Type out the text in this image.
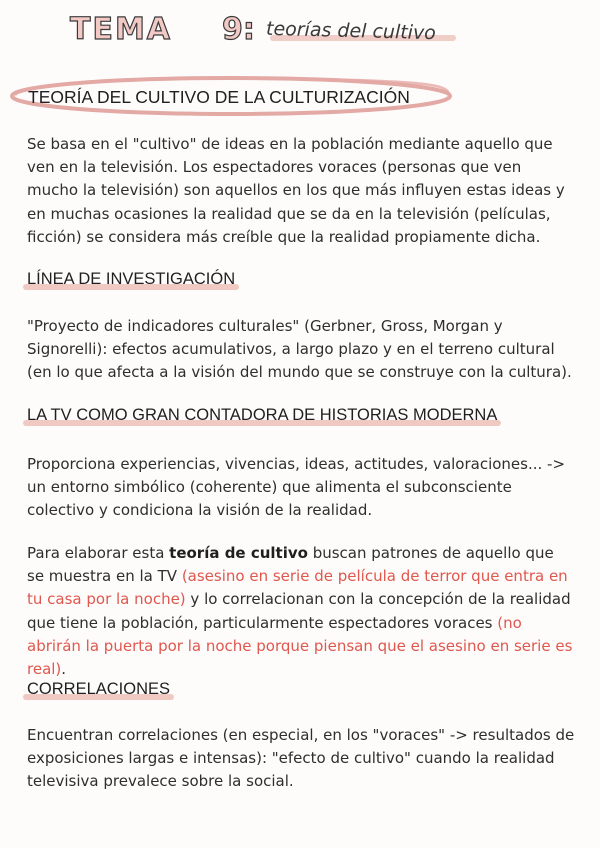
TEMA 9: teorías del cultivo
TEORÍA DEL CULTIVO DE LA CULTURIZACIÓN

Se basa en el "cultivo" de ideas en la población mediante aquello que ven en la televisión. Los espectadores voraces (personas que ven mucho la televisión) son aquellos en los que más influyen estas ideas y en muchas ocasiones la realidad que se da en la televisión (películas, ficción) se considera más creíble que la realidad propiamente dicha.

LÍNEA DE INVESTIGACIÓN

"Proyecto de indicadores culturales" (Gerbner, Gross, Morgan y Signorelli): efectos acumulativos, a largo plazo y en el terreno cultural (en lo que afecta a la visión del mundo que se construye con la cultura).

LA TV COMO GRAN CONTADORA DE HISTORIAS MODERNA

Proporciona experiencias, vivencias, ideas, actitudes, valoraciones... -> un entorno simbólico (coherente) que alimenta el subconsciente colectivo y condiciona la visión de la realidad.

Para elaborar esta teoría de cultivo buscan patrones de aquello que se muestra en la TV (asesino en serie de película de terror que entra en tu casa por la noche) y lo correlacionan con la concepción de la realidad que tiene la población, particularmente espectadores voraces (no abrirán la puerta por la noche porque piensan que el asesino en serie es real).

CORRELACIONES

Encuentran correlaciones (en especial, en los "voraces" -> resultados de exposiciones largas e intensas): "efecto de cultivo" cuando la realidad televisiva prevalece sobre la social.
